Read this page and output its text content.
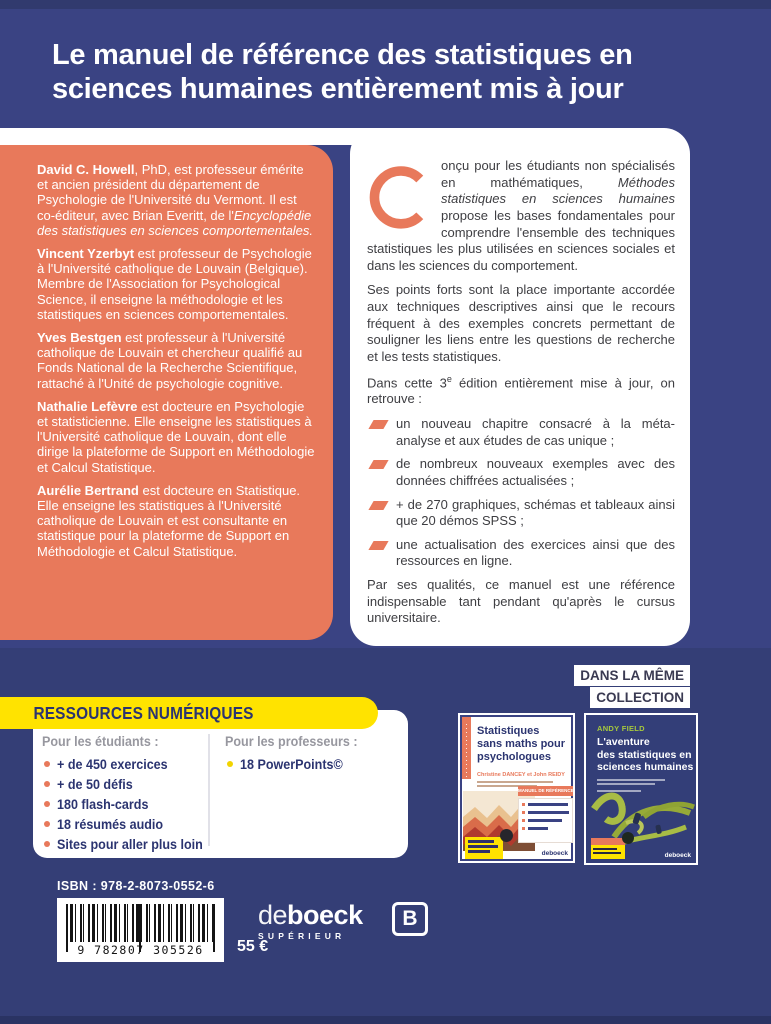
Le manuel de référence des statistiques en
sciences humaines entièrement mis à jour

David C. Howell, PhD, est professeur émérite et ancien président du département de Psychologie de l'Université du Vermont. Il est co-éditeur, avec Brian Everitt, de l'Encyclopédie des statistiques en sciences comportementales.

Vincent Yzerbyt est professeur de Psychologie à l'Université catholique de Louvain (Belgique). Membre de l'Association for Psychological Science, il enseigne la méthodologie et les statistiques en sciences comportementales.

Yves Bestgen est professeur à l'Université catholique de Louvain et chercheur qualifié au Fonds National de la Recherche Scientifique, rattaché à l'Unité de psychologie cognitive.

Nathalie Lefèvre est docteure en Psychologie et statisticienne. Elle enseigne les statistiques à l'Université catholique de Louvain, dont elle dirige la plateforme de Support en Méthodologie et Calcul Statistique.

Aurélie Bertrand est docteure en Statistique. Elle enseigne les statistiques à l'Université catholique de Louvain et est consultante en statistique pour la plateforme de Support en Méthodologie et Calcul Statistique.

onçu pour les étudiants non spécialisés en mathématiques, Méthodes statistiques en sciences humaines propose les bases fondamentales pour comprendre l'ensemble des techniques statistiques les plus utilisées en sciences sociales et dans les sciences du comportement.

Ses points forts sont la place importante accordée aux techniques descriptives ainsi que le recours fréquent à des exemples concrets permettant de souligner les liens entre les questions de recherche et les tests statistiques.

Dans cette 3e édition entièrement mise à jour, on retrouve :

un nouveau chapitre consacré à la méta-analyse et aux études de cas unique ;
de nombreux nouveaux exemples avec des données chiffrées actualisées ;
+ de 270 graphiques, schémas et tableaux ainsi que 20 démos SPSS ;
une actualisation des exercices ainsi que des ressources en ligne.

Par ses qualités, ce manuel est une référence indispensable tant pendant qu'après le cursus universitaire.

DANS LA MÊME
COLLECTION
RESSOURCES NUMÉRIQUES
Pour les étudiants :
+ de 450 exercices
+ de 50 défis
180 flash-cards
18 résumés audio
Sites pour aller plus loin
Pour les professeurs :
18 PowerPoints©
Statistiques
sans maths pour
psychologues
Christine DANCEY et John REIDY
MANUEL DE RÉFÉRENCE
deboeck
ANDY FIELD
L'aventure
des statistiques en
sciences humaines
deboeck
ISBN : 978-2-8073-0552-6
9 782807 305526	55 €
deboeck
SUPÉRIEUR
B
